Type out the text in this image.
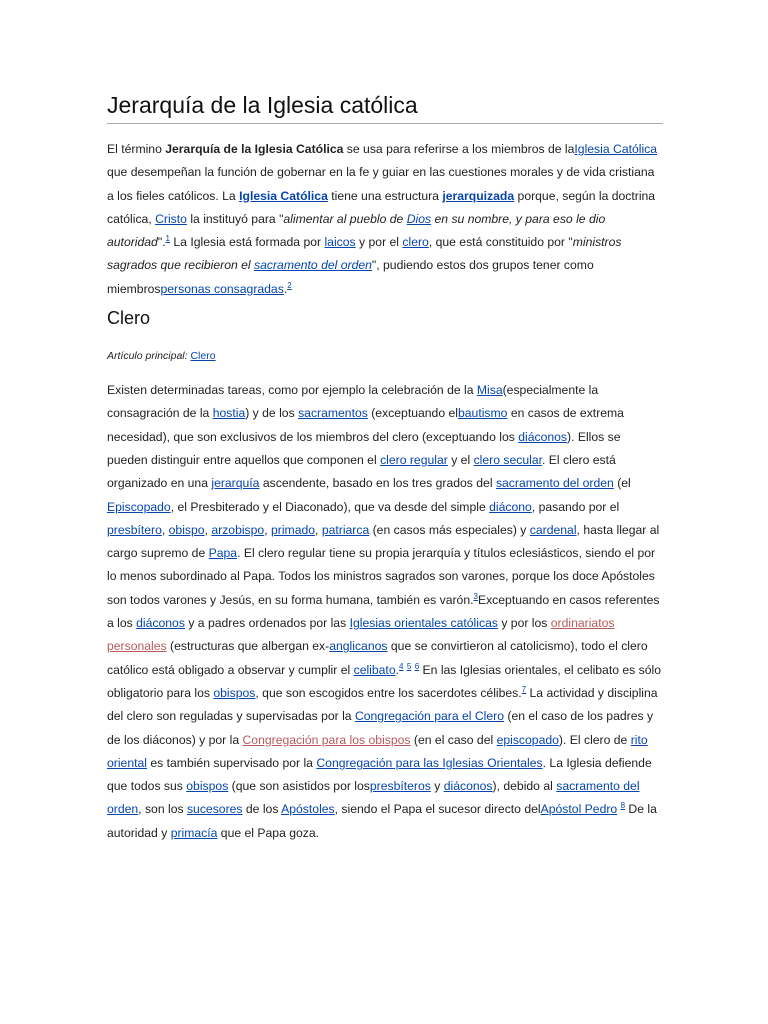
Jerarquía de la Iglesia católica

El término Jerarquía de la Iglesia Católica se usa para referirse a los miembros de laIglesia Católica que desempeñan la función de gobernar en la fe y guiar en las cuestiones morales y de vida cristiana a los fieles católicos. La Iglesia Católica tiene una estructura jerarquizada porque, según la doctrina católica, Cristo la instituyó para "alimentar al pueblo de Dios en su nombre, y para eso le dio autoridad".$^1$ La Iglesia está formada por laicos y por el clero, que está constituido por "ministros sagrados que recibieron el sacramento del orden", pudiendo estos dos grupos tener como miembrospersonas consagradas.$^2$

Clero
Artículo principal: Clero

Existen determinadas tareas, como por ejemplo la celebración de la Misa(especialmente la consagración de la hostia) y de los sacramentos (exceptuando elbautismo en casos de extrema necesidad), que son exclusivos de los miembros del clero (exceptuando los diáconos). Ellos se pueden distinguir entre aquellos que componen el clero regular y el clero secular. El clero está organizado en una jerarquía ascendente, basado en los tres grados del sacramento del orden (el Episcopado, el Presbiterado y el Diaconado), que va desde del simple diácono, pasando por el presbítero, obispo, arzobispo, primado, patriarca (en casos más especiales) y cardenal, hasta llegar al cargo supremo de Papa. El clero regular tiene su propia jerarquía y títulos eclesiásticos, siendo el por lo menos subordinado al Papa. Todos los ministros sagrados son varones, porque los doce Apóstoles son todos varones y Jesús, en su forma humana, también es varón.$^3$Exceptuando en casos referentes a los diáconos y a padres ordenados por las Iglesias orientales católicas y por los ordinariatos personales (estructuras que albergan ex-anglicanos que se convirtieron al catolicismo), todo el clero católico está obligado a observar y cumplir el celibato.$^4$ $^5$ $^6$ En las Iglesias orientales, el celibato es sólo obligatorio para los obispos, que son escogidos entre los sacerdotes célibes.$^7$ La actividad y disciplina del clero son reguladas y supervisadas por la Congregación para el Clero (en el caso de los padres y de los diáconos) y por la Congregación para los obispos (en el caso del episcopado). El clero de rito oriental es también supervisado por la Congregación para las Iglesias Orientales. La Iglesia defiende que todos sus obispos (que son asistidos por lospresbíteros y diáconos), debido al sacramento del orden, son los sucesores de los Apóstoles, siendo el Papa el sucesor directo delApóstol Pedro $^8$ De la autoridad y primacía que el Papa goza.
